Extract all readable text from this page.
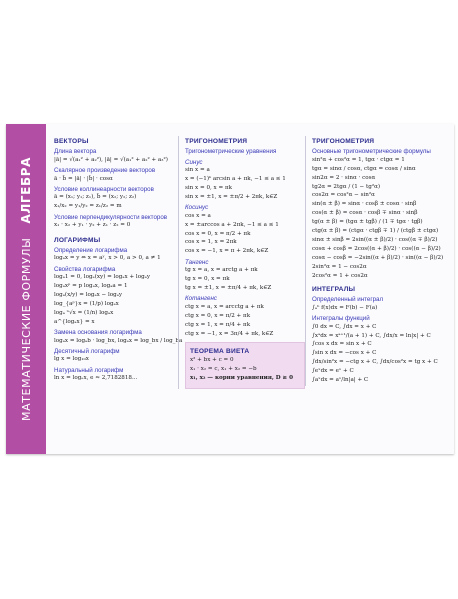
МАТЕМАТИЧЕСКИЕ ФОРМУЛЫАЛГЕБРА
ВЕКТОРЫ
Длина вектора
|ā| = √(a₁² + a₂²), |ā| = √(a₁² + a₂² + a₃²)
Скалярное произведение векторов
ā · b̄ = |ā| · |b̄| · cosα
Условие коллинеарности векторов
ā = (x₁; y₁; z₁), b̄ = (x₂; y₂; z₂)
x₁/x₂ = y₁/y₂ = z₁/z₂ = m
Условие перпендикулярности векторов
x₁ · x₂ + y₁ · y₂ + z₁ · z₂ = 0
ЛОГАРИФМЫ
Определение логарифма
logₐx = y ⇔ x = aʸ, x > 0, a > 0, a ≠ 1
Свойства логарифма
logₐ1 = 0, logₐ(xy) = logₐx + logₐy
logₐxᵖ = p logₐx, logₐa = 1
logₐ(x/y) = logₐx − logₐy
log_{aᵖ}x = (1/p) logₐx
logₐ ⁿ√x = (1/n) logₐx
a^{logₐx} = x
Замена основания логарифма
logₐx = logₐb · log_bx, logₐx = log_bx / log_ba
Десятичный логарифм
lg x = log₁₀x
Натуральный логарифм
ln x = logₑx, e ≈ 2,7182818...
ТРИГОНОМЕТРИЯ
Тригонометрические уравнения
Синус
sin x = a
x = (−1)ᵏ arcsin a + πk, −1 ≤ a ≤ 1
sin x = 0, x = πk
sin x = ±1, x = ±π/2 + 2πk, k∈Z
Косинус
cos x = a
x = ±arccos a + 2πk, −1 ≤ a ≤ 1
cos x = 0, x = π/2 + πk
cos x = 1, x = 2πk
cos x = −1, x = π + 2πk, k∈Z
Тангенс
tg x = a, x = arctg a + πk
tg x = 0, x = πk
tg x = ±1, x = ±π/4 + πk, k∈Z
Котангенс
ctg x = a, x = arcctg a + πk
ctg x = 0, x = π/2 + πk
ctg x = 1, x = π/4 + πk
ctg x = −1, x = 3π/4 + πk, k∈Z
ТЕОРЕМА ВИЕТА
x² + bx + c = 0
x₁ · x₂ = c, x₁ + x₂ = −b
x₁, x₂ — корни уравнения, D ≥ 0
ТРИГОНОМЕТРИЯ
Основные тригонометрические формулы
sin²α + cos²α = 1, tgα · ctgα = 1
tgα = sinα / cosα, ctgα = cosα / sinα
sin2α = 2 · sinα · cosα
tg2α = 2tgα / (1 − tg²α)
cos2α = cos²α − sin²α
sin(α ± β) = sinα · cosβ ± cosα · sinβ
cos(α ± β) = cosα · cosβ ∓ sinα · sinβ
tg(α ± β) = (tgα ± tgβ) / (1 ∓ tgα · tgβ)
ctg(α ± β) = (ctgα · ctgβ ∓ 1) / (ctgβ ± ctgα)
sinα ± sinβ = 2sin((α ± β)/2) · cos((α ∓ β)/2)
cosα + cosβ = 2cos((α + β)/2) · cos((α − β)/2)
cosα − cosβ = −2sin((α + β)/2) · sin((α − β)/2)
2sin²α = 1 − cos2α
2cos²α = 1 + cos2α
ИНТЕГРАЛЫ
Определенный интеграл
∫ₐᵇ f(x)dx = F(b) − F(a)
Интегралы функций
∫0 dx = C, ∫dx = x + C
∫xᵃdx = xᵃ⁺¹/(a + 1) + C, ∫dx/x = ln|x| + C
∫cos x dx = sin x + C
∫sin x dx = −cos x + C
∫dx/sin²x = −ctg x + C, ∫dx/cos²x = tg x + C
∫eˣdx = eˣ + C
∫aˣdx = aˣ/ln|a| + C
